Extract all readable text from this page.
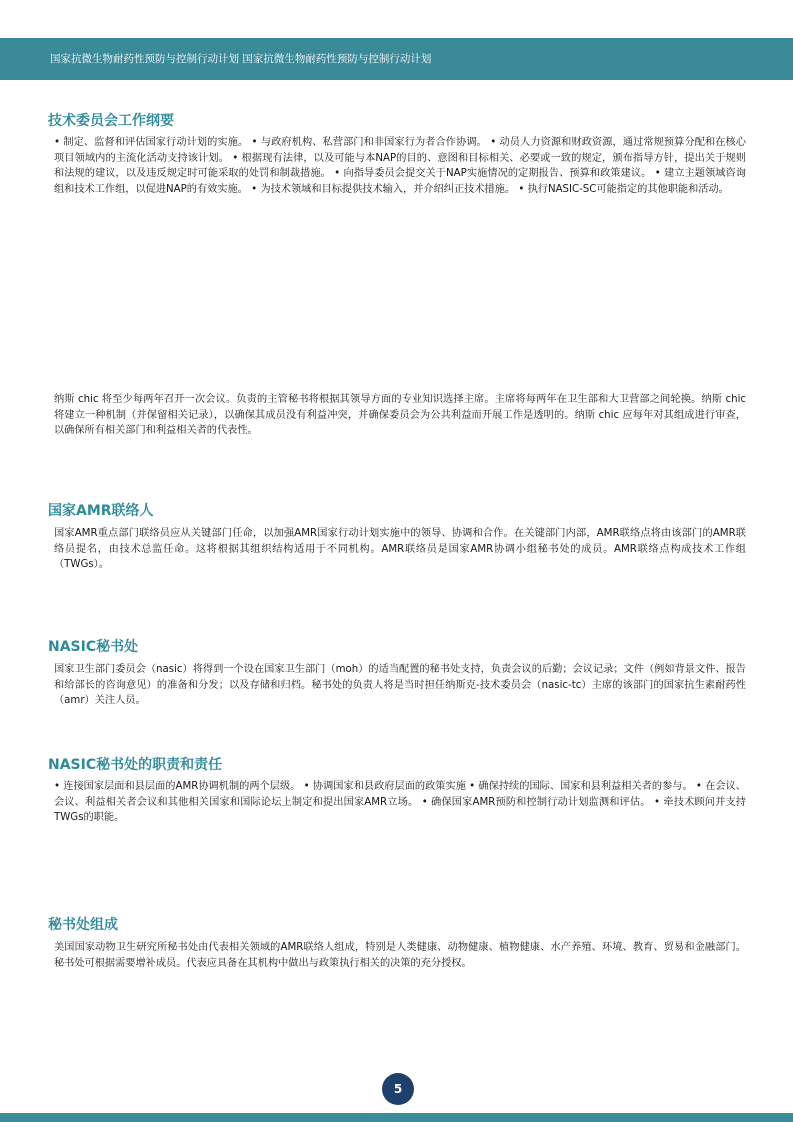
国家抗微生物耐药性预防与控制行动计划 国家抗微生物耐药性预防与控制行动计划
技术委员会工作纲要
• 制定、监督和评估国家行动计划的实施。 • 与政府机构、私营部门和非国家行为者合作协调。 • 动员人力资源和财政资源，通过常规预算分配和在核心项目领域内的主流化活动支持该计划。 • 根据现有法律，以及可能与本NAP的目的、意图和目标相关、必要或一致的规定，颁布指导方针，提出关于规则和法规的建议，以及违反规定时可能采取的处罚和制裁措施。 • 向指导委员会提交关于NAP实施情况的定期报告、预算和政策建议。 • 建立主题领域咨询组和技术工作组，以促进NAP的有效实施。 • 为技术领域和目标提供技术输入，并介绍纠正技术措施。 • 执行NASIC-SC可能指定的其他职能和活动。
纳斯 chic 将至少每两年召开一次会议。负责的主管秘书将根据其领导方面的专业知识选择主席。主席将每两年在卫生部和大卫营部之间轮换。纳斯 chic 将建立一种机制（并保留相关记录），以确保其成员没有利益冲突，并确保委员会为公共利益而开展工作是透明的。纳斯 chic 应每年对其组成进行审查，以确保所有相关部门和利益相关者的代表性。
国家AMR联络人
国家AMR重点部门联络员应从关键部门任命，以加强AMR国家行动计划实施中的领导、协调和合作。在关键部门内部，AMR联络点将由该部门的AMR联络员提名，由技术总监任命。这将根据其组织结构适用于不同机构。AMR联络员是国家AMR协调小组秘书处的成员。AMR联络点构成技术工作组（TWGs）。
NASIC秘书处
国家卫生部门委员会（nasic）将得到一个设在国家卫生部门（moh）的适当配置的秘书处支持，负责会议的后勤；会议记录；文件（例如背景文件、报告和给部长的咨询意见）的准备和分发；以及存储和归档。秘书处的负责人将是当时担任纳斯克-技术委员会（nasic-tc）主席的该部门的国家抗生素耐药性（amr）关注人员。
NASIC秘书处的职责和责任
• 连接国家层面和县层面的AMR协调机制的两个层级。 • 协调国家和县政府层面的政策实施 • 确保持续的国际、国家和县利益相关者的参与。 • 在会议、会议、利益相关者会议和其他相关国家和国际论坛上制定和提出国家AMR立场。 • 确保国家AMR预防和控制行动计划监测和评估。 • 牵技术顾问并支持TWGs的职能。
秘书处组成
美国国家动物卫生研究所秘书处由代表相关领域的AMR联络人组成，特别是人类健康、动物健康、植物健康、水产养殖、环境、教育、贸易和金融部门。秘书处可根据需要增补成员。代表应具备在其机构中做出与政策执行相关的决策的充分授权。
5
